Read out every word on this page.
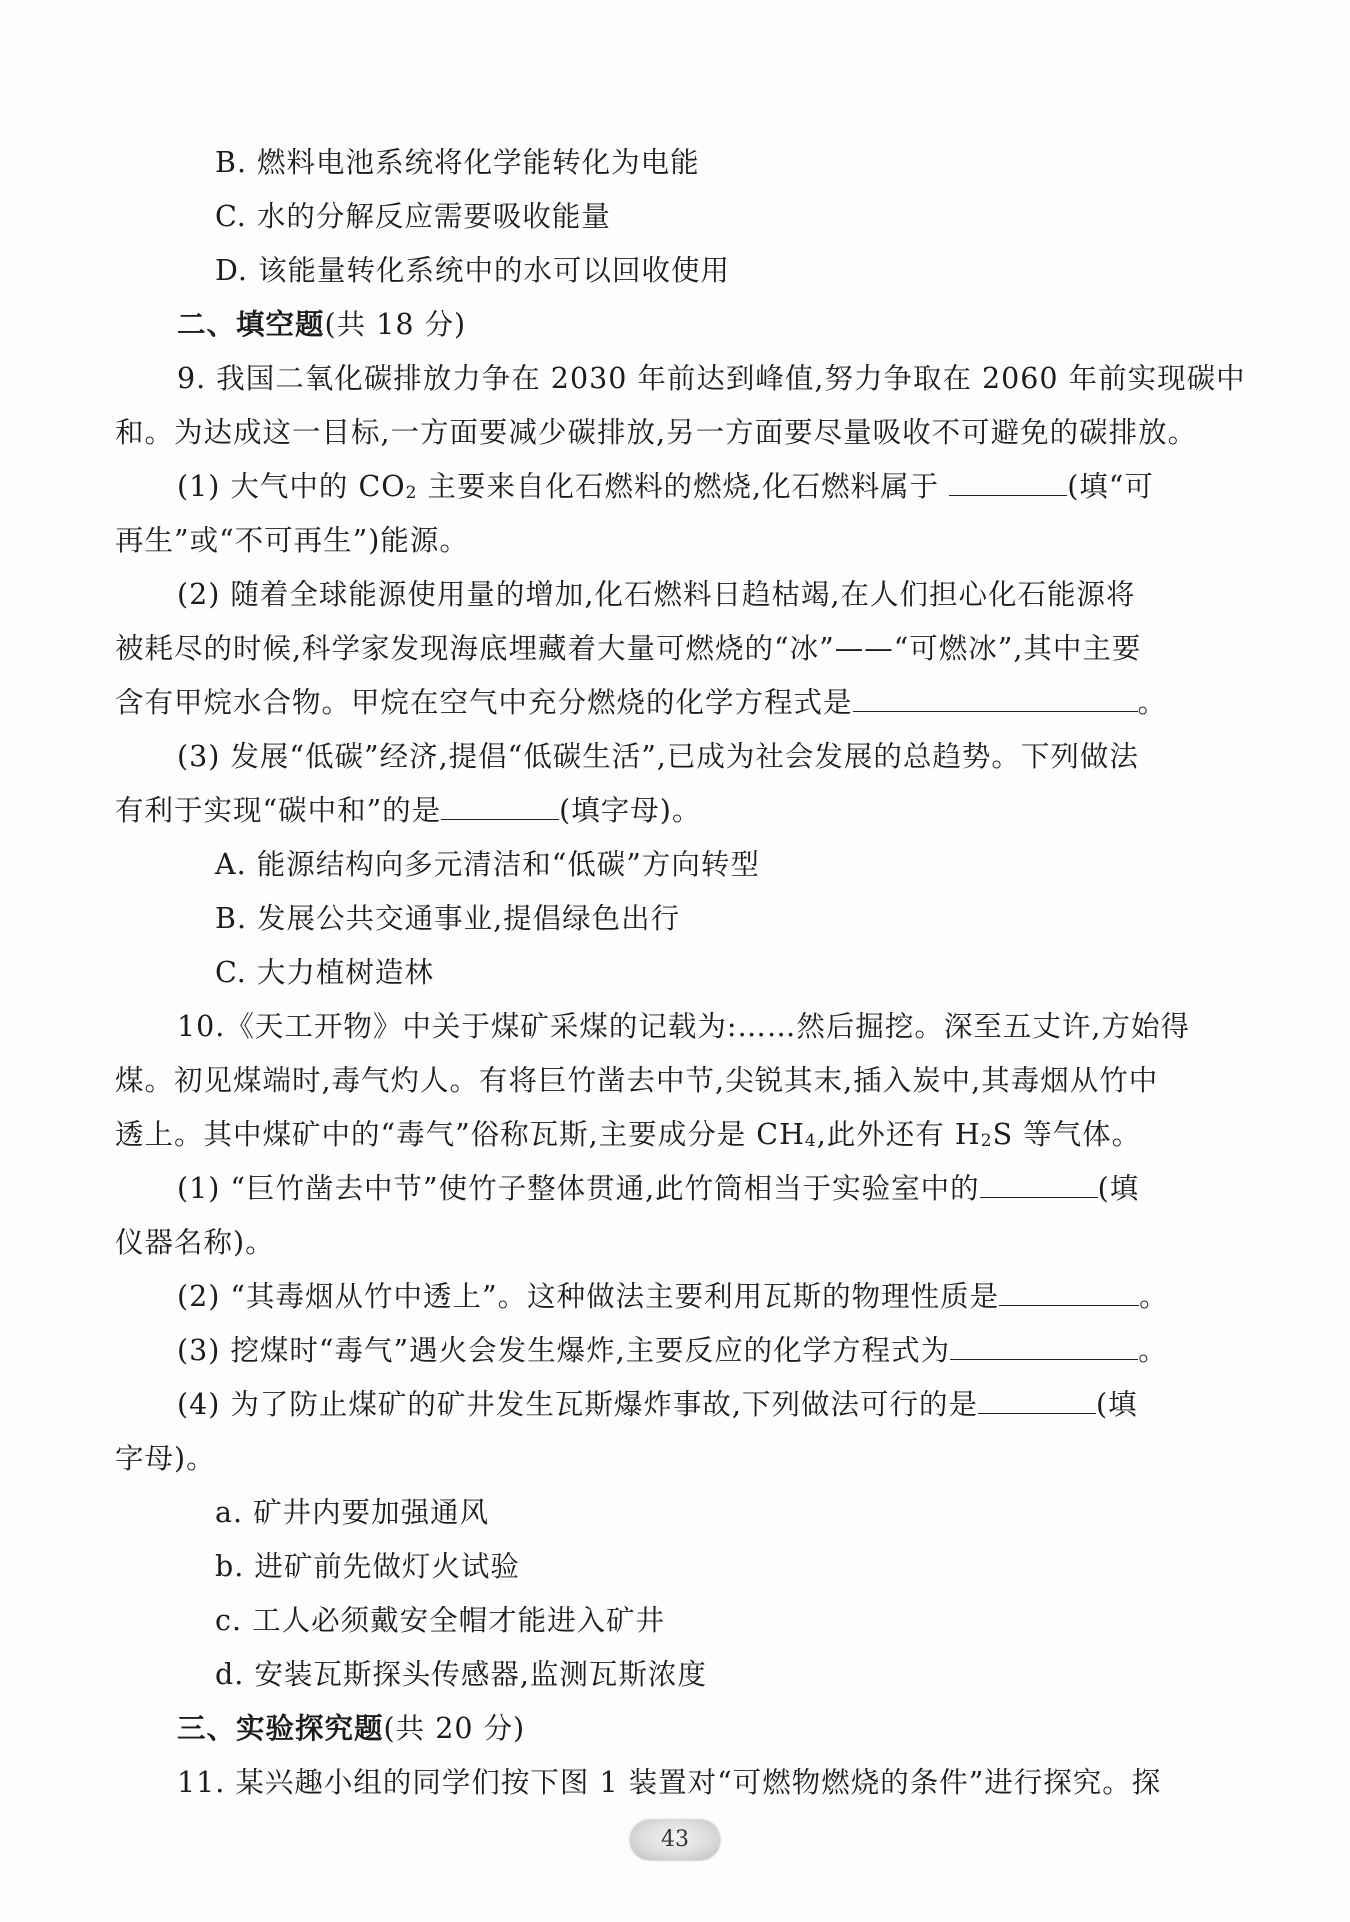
B. 燃料电池系统将化学能转化为电能
C. 水的分解反应需要吸收能量
D. 该能量转化系统中的水可以回收使用
二、填空题(共 18 分)
9. 我国二氧化碳排放力争在 2030 年前达到峰值,努力争取在 2060 年前实现碳中
和。为达成这一目标,一方面要减少碳排放,另一方面要尽量吸收不可避免的碳排放。
(1) 大气中的 $CO_2$ 主要来自化石燃料的燃烧,化石燃料属于	(填“可
再生”或“不可再生”)能源。
(2) 随着全球能源使用量的增加,化石燃料日趋枯竭,在人们担心化石能源将
被耗尽的时候,科学家发现海底埋藏着大量可燃烧的“冰”——“可燃冰”,其中主要
含有甲烷水合物。甲烷在空气中充分燃烧的化学方程式是	。
(3) 发展“低碳”经济,提倡“低碳生活”,已成为社会发展的总趋势。下列做法
有利于实现“碳中和”的是	(填字母)。
A. 能源结构向多元清洁和“低碳”方向转型
B. 发展公共交通事业,提倡绿色出行
C. 大力植树造林
10.《天工开物》中关于煤矿采煤的记载为:……然后掘挖。深至五丈许,方始得
煤。初见煤端时,毒气灼人。有将巨竹凿去中节,尖锐其末,插入炭中,其毒烟从竹中
透上。其中煤矿中的“毒气”俗称瓦斯,主要成分是 $CH_4$,此外还有 $H_2S$ 等气体。
(1) “巨竹凿去中节”使竹子整体贯通,此竹筒相当于实验室中的	(填
仪器名称)。
(2) “其毒烟从竹中透上”。这种做法主要利用瓦斯的物理性质是	。
(3) 挖煤时“毒气”遇火会发生爆炸,主要反应的化学方程式为	。
(4) 为了防止煤矿的矿井发生瓦斯爆炸事故,下列做法可行的是	(填
字母)。
a. 矿井内要加强通风
b. 进矿前先做灯火试验
c. 工人必须戴安全帽才能进入矿井
d. 安装瓦斯探头传感器,监测瓦斯浓度
三、实验探究题(共 20 分)
11. 某兴趣小组的同学们按下图 1 装置对“可燃物燃烧的条件”进行探究。探
43
